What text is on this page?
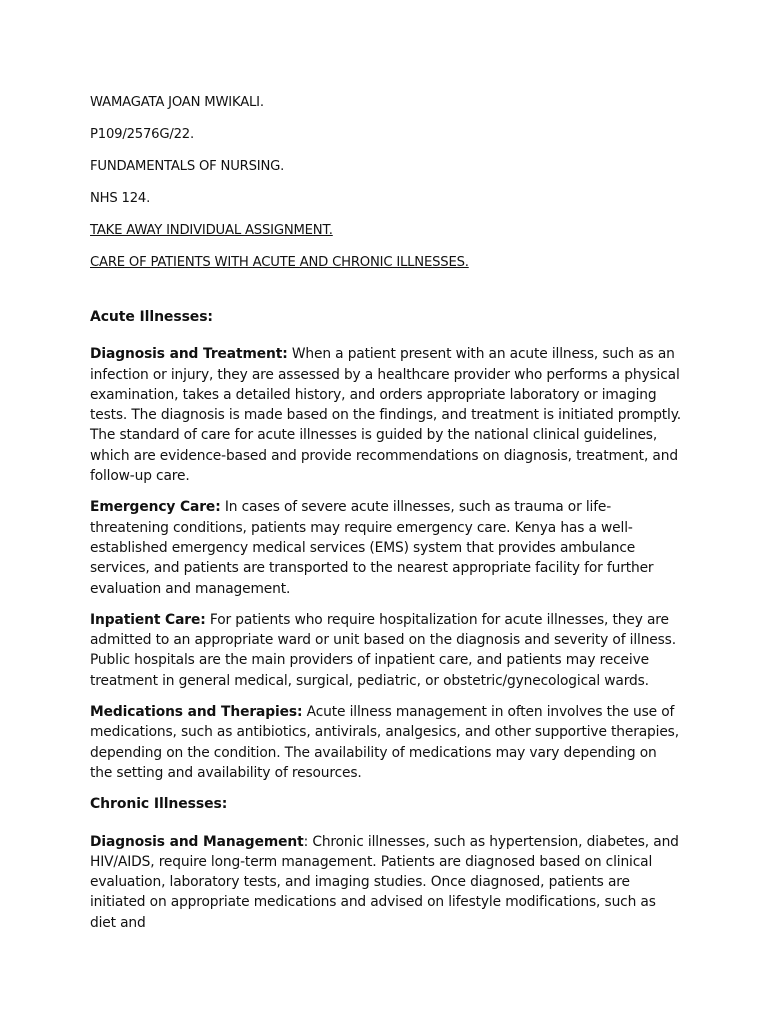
WAMAGATA JOAN MWIKALI.
P109/2576G/22.
FUNDAMENTALS OF NURSING.
NHS 124.
TAKE AWAY INDIVIDUAL ASSIGNMENT.
CARE OF PATIENTS WITH ACUTE AND CHRONIC ILLNESSES.
Acute Illnesses:

Diagnosis and Treatment: When a patient present with an acute illness, such as an infection or injury, they are assessed by a healthcare provider who performs a physical examination, takes a detailed history, and orders appropriate laboratory or imaging tests. The diagnosis is made based on the findings, and treatment is initiated promptly. The standard of care for acute illnesses is guided by the national clinical guidelines, which are evidence-based and provide recommendations on diagnosis, treatment, and follow-up care.

Emergency Care: In cases of severe acute illnesses, such as trauma or life-threatening conditions, patients may require emergency care. Kenya has a well-established emergency medical services (EMS) system that provides ambulance services, and patients are transported to the nearest appropriate facility for further evaluation and management.

Inpatient Care: For patients who require hospitalization for acute illnesses, they are admitted to an appropriate ward or unit based on the diagnosis and severity of illness. Public hospitals are the main providers of inpatient care, and patients may receive treatment in general medical, surgical, pediatric, or obstetric/gynecological wards.

Medications and Therapies: Acute illness management in often involves the use of medications, such as antibiotics, antivirals, analgesics, and other supportive therapies, depending on the condition. The availability of medications may vary depending on the setting and availability of resources.

Chronic Illnesses:

Diagnosis and Management: Chronic illnesses, such as hypertension, diabetes, and HIV/AIDS, require long-term management. Patients are diagnosed based on clinical evaluation, laboratory tests, and imaging studies. Once diagnosed, patients are initiated on appropriate medications and advised on lifestyle modifications, such as diet and
